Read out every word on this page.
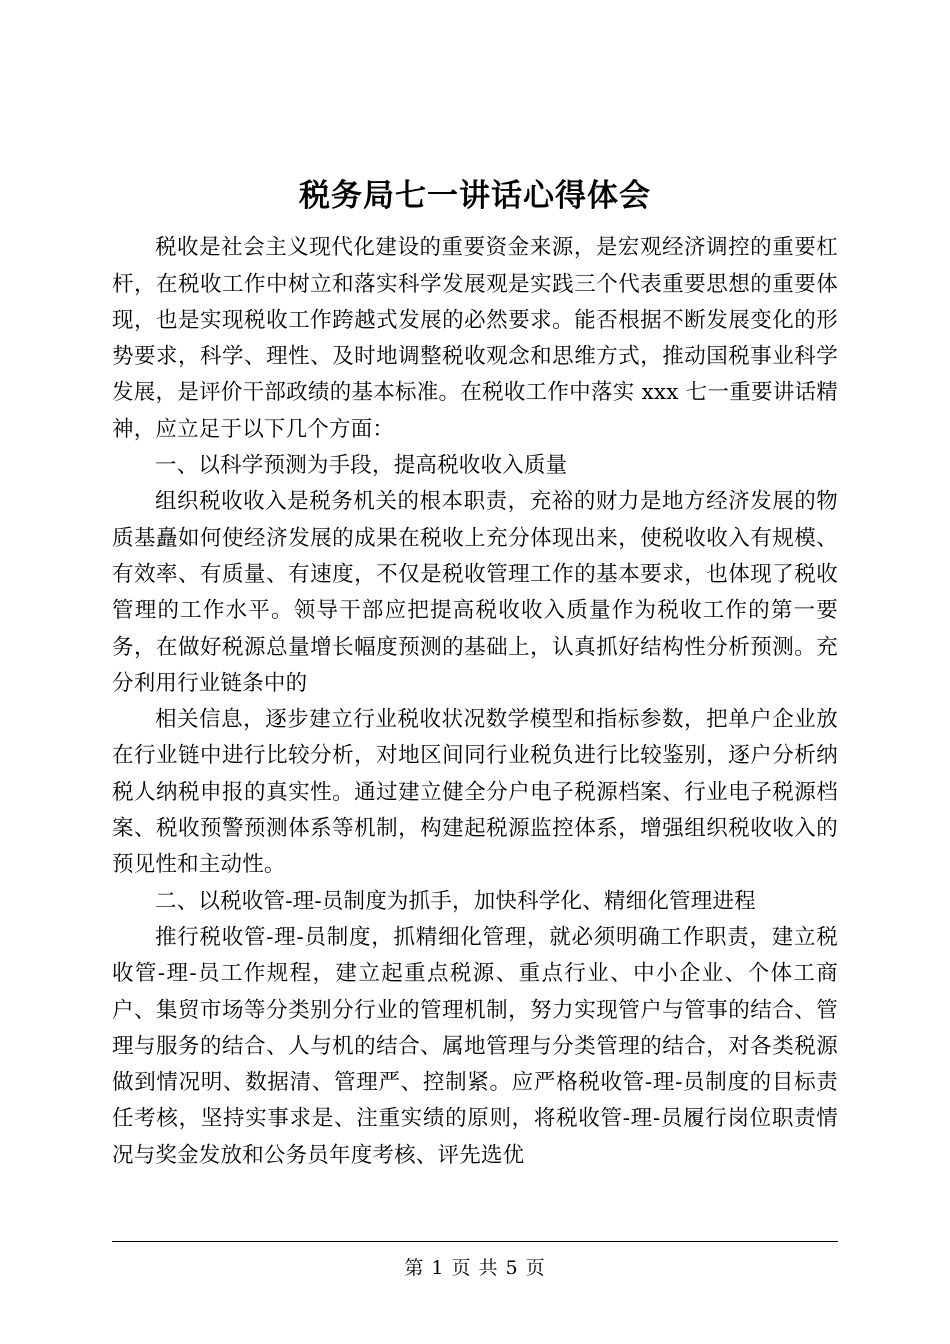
税务局七一讲话心得体会

税收是社会主义现代化建设的重要资金来源，是宏观经济调控的重要杠杆，在税收工作中树立和落实科学发展观是实践三个代表重要思想的重要体现，也是实现税收工作跨越式发展的必然要求。能否根据不断发展变化的形势要求，科学、理性、及时地调整税收观念和思维方式，推动国税事业科学发展，是评价干部政绩的基本标准。在税收工作中落实 xxx 七一重要讲话精神，应立足于以下几个方面：

一、以科学预测为手段，提高税收收入质量

组织税收收入是税务机关的根本职责，充裕的财力是地方经济发展的物质基矗如何使经济发展的成果在税收上充分体现出来，使税收收入有规模、有效率、有质量、有速度，不仅是税收管理工作的基本要求，也体现了税收管理的工作水平。领导干部应把提高税收收入质量作为税收工作的第一要务，在做好税源总量增长幅度预测的基础上，认真抓好结构性分析预测。充分利用行业链条中的

相关信息，逐步建立行业税收状况数学模型和指标参数，把单户企业放在行业链中进行比较分析，对地区间同行业税负进行比较鉴别，逐户分析纳税人纳税申报的真实性。通过建立健全分户电子税源档案、行业电子税源档案、税收预警预测体系等机制，构建起税源监控体系，增强组织税收收入的预见性和主动性。

二、以税收管-理-员制度为抓手，加快科学化、精细化管理进程

推行税收管-理-员制度，抓精细化管理，就必须明确工作职责，建立税收管-理-员工作规程，建立起重点税源、重点行业、中小企业、个体工商户、集贸市场等分类别分行业的管理机制，努力实现管户与管事的结合、管理与服务的结合、人与机的结合、属地管理与分类管理的结合，对各类税源做到情况明、数据清、管理严、控制紧。应严格税收管-理-员制度的目标责任考核，坚持实事求是、注重实绩的原则，将税收管-理-员履行岗位职责情况与奖金发放和公务员年度考核、评先选优

第 1 页 共 5 页
